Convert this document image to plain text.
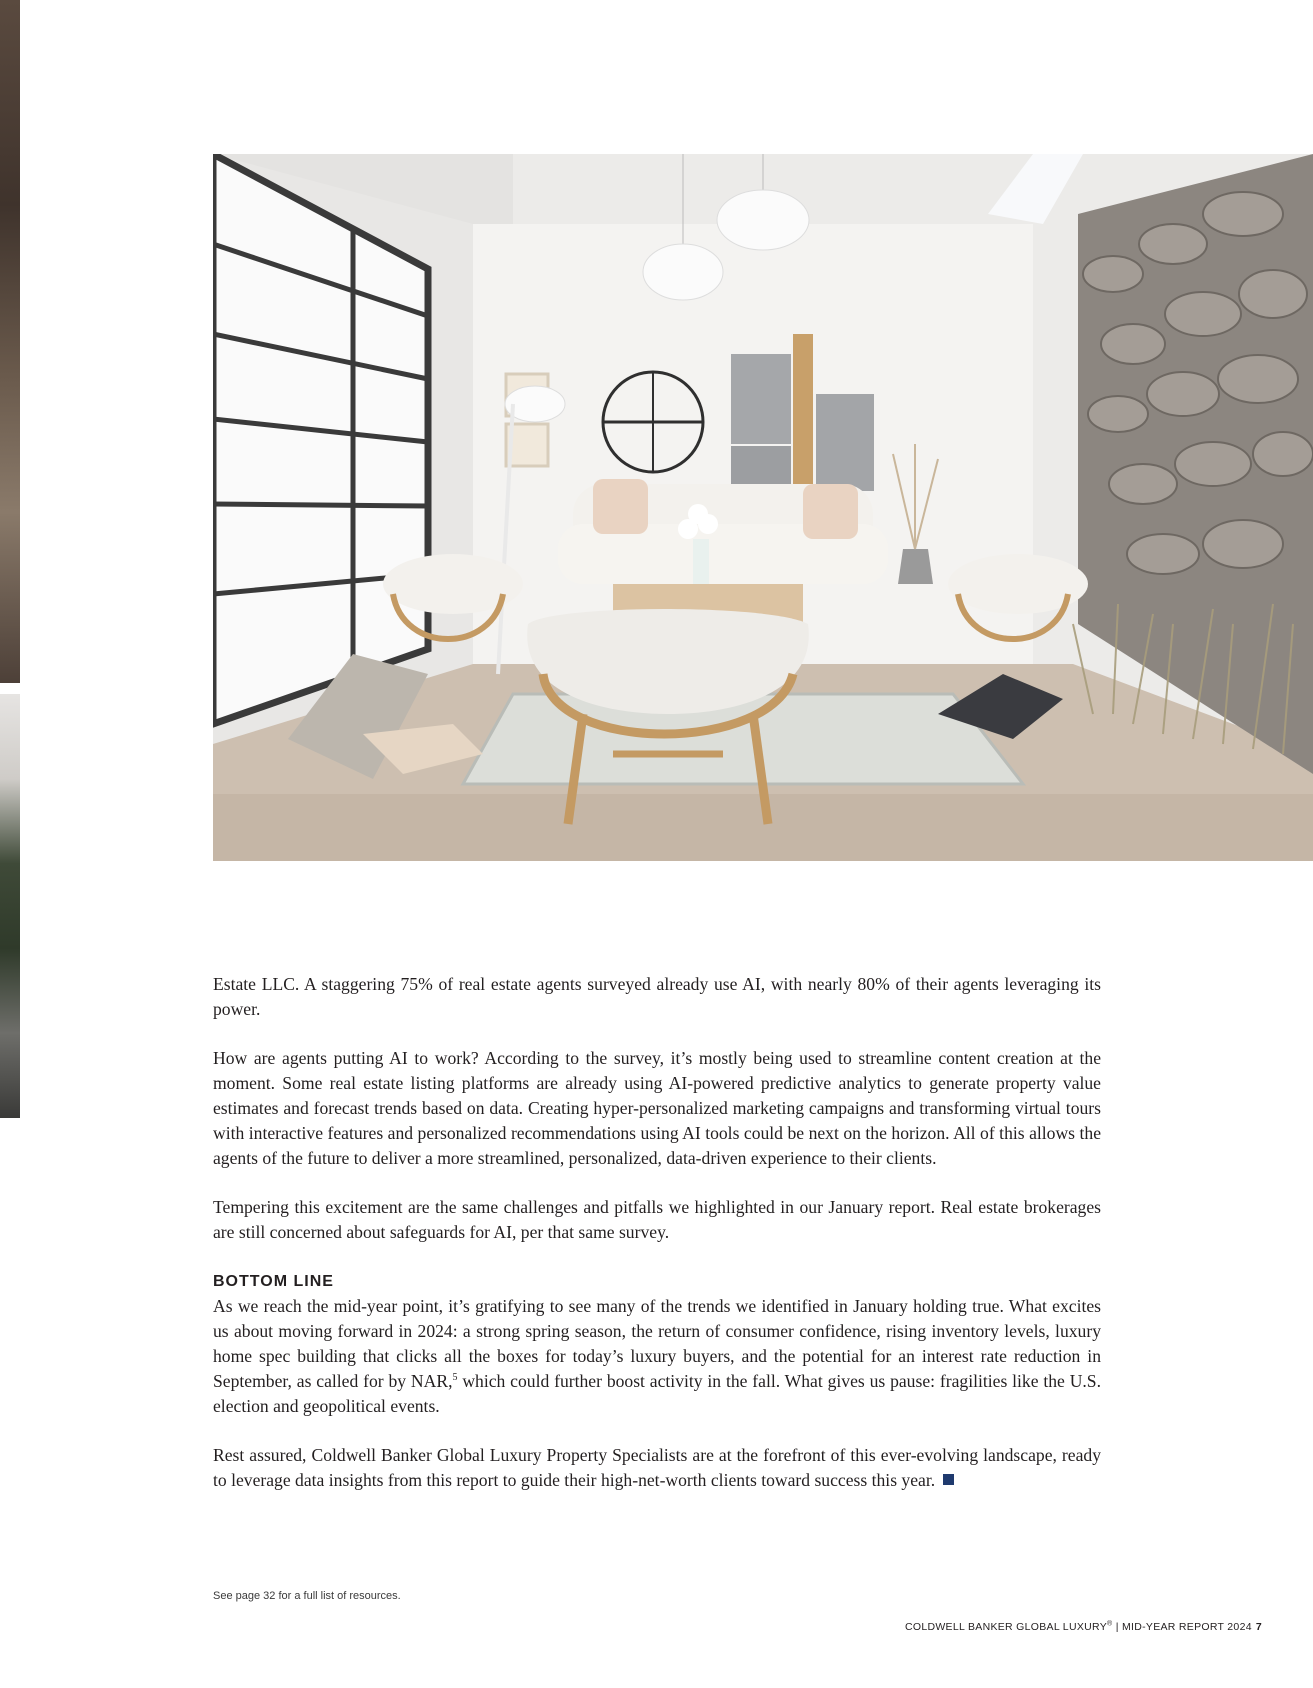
Estate LLC. A staggering 75% of real estate agents surveyed already use AI, with nearly 80% of their agents leveraging its power.

How are agents putting AI to work? According to the survey, it’s mostly being used to streamline content creation at the moment. Some real estate listing platforms are already using AI-powered predictive analytics to generate property value estimates and forecast trends based on data. Creating hyper-personalized marketing campaigns and transforming virtual tours with interactive features and personalized recommendations using AI tools could be next on the horizon. All of this allows the agents of the future to deliver a more streamlined, personalized, data-driven experience to their clients.

Tempering this excitement are the same challenges and pitfalls we highlighted in our January report. Real estate brokerages are still concerned about safeguards for AI, per that same survey.

BOTTOM LINE

As we reach the mid-year point, it’s gratifying to see many of the trends we identified in January holding true. What excites us about moving forward in 2024: a strong spring season, the return of consumer confidence, rising inventory levels, luxury home spec building that clicks all the boxes for today’s luxury buyers, and the potential for an interest rate reduction in September, as called for by NAR,$^5$ which could further boost activity in the fall. What gives us pause: fragilities like the U.S. election and geopolitical events.

Rest assured, Coldwell Banker Global Luxury Property Specialists are at the forefront of this ever-evolving landscape, ready to leverage data insights from this report to guide their high-net-worth clients toward success this year.

See page 32 for a full list of resources.
COLDWELL BANKER GLOBAL LUXURY® | MID-YEAR REPORT 2024 7
